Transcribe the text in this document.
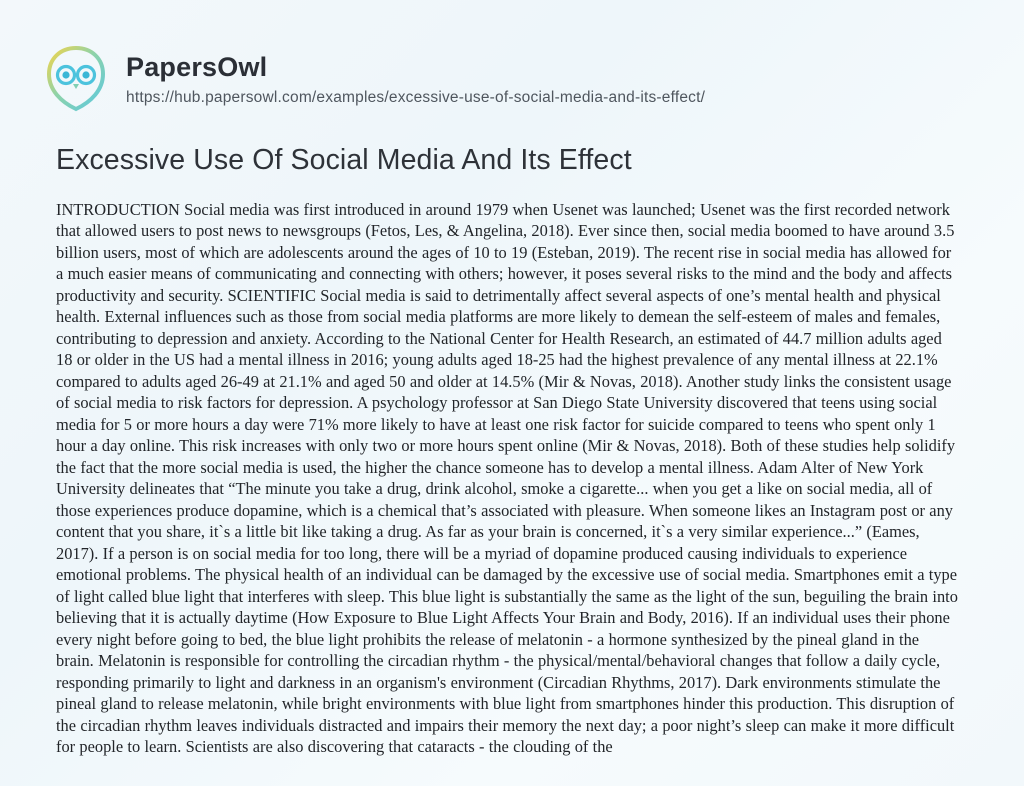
PapersOwl
https://hub.papersowl.com/examples/excessive-use-of-social-media-and-its-effect/
Excessive Use Of Social Media And Its Effect
INTRODUCTION Social media was first introduced in around 1979 when Usenet was launched; Usenet was the first recorded network that allowed users to post news to newsgroups (Fetos, Les, & Angelina, 2018). Ever since then, social media boomed to have around 3.5 billion users, most of which are adolescents around the ages of 10 to 19 (Esteban, 2019). The recent rise in social media has allowed for a much easier means of communicating and connecting with others; however, it poses several risks to the mind and the body and affects productivity and security. SCIENTIFIC Social media is said to detrimentally affect several aspects of one’s mental health and physical health. External influences such as those from social media platforms are more likely to demean the self-esteem of males and females, contributing to depression and anxiety. According to the National Center for Health Research, an estimated of 44.7 million adults aged 18 or older in the US had a mental illness in 2016; young adults aged 18-25 had the highest prevalence of any mental illness at 22.1% compared to adults aged 26-49 at 21.1% and aged 50 and older at 14.5% (Mir & Novas, 2018). Another study links the consistent usage of social media to risk factors for depression. A psychology professor at San Diego State University discovered that teens using social media for 5 or more hours a day were 71% more likely to have at least one risk factor for suicide compared to teens who spent only 1 hour a day online. This risk increases with only two or more hours spent online (Mir & Novas, 2018). Both of these studies help solidify the fact that the more social media is used, the higher the chance someone has to develop a mental illness. Adam Alter of New York University delineates that “The minute you take a drug, drink alcohol, smoke a cigarette... when you get a like on social media, all of those experiences produce dopamine, which is a chemical that’s associated with pleasure. When someone likes an Instagram post or any content that you share, it`s a little bit like taking a drug. As far as your brain is concerned, it`s a very similar experience...” (Eames, 2017). If a person is on social media for too long, there will be a myriad of dopamine produced causing individuals to experience emotional problems. The physical health of an individual can be damaged by the excessive use of social media. Smartphones emit a type of light called blue light that interferes with sleep. This blue light is substantially the same as the light of the sun, beguiling the brain into believing that it is actually daytime (How Exposure to Blue Light Affects Your Brain and Body, 2016). If an individual uses their phone every night before going to bed, the blue light prohibits the release of melatonin - a hormone synthesized by the pineal gland in the brain. Melatonin is responsible for controlling the circadian rhythm - the physical/mental/behavioral changes that follow a daily cycle, responding primarily to light and darkness in an organism's environment (Circadian Rhythms, 2017). Dark environments stimulate the pineal gland to release melatonin, while bright environments with blue light from smartphones hinder this production. This disruption of the circadian rhythm leaves individuals distracted and impairs their memory the next day; a poor night’s sleep can make it more difficult for people to learn. Scientists are also discovering that cataracts - the clouding of the
